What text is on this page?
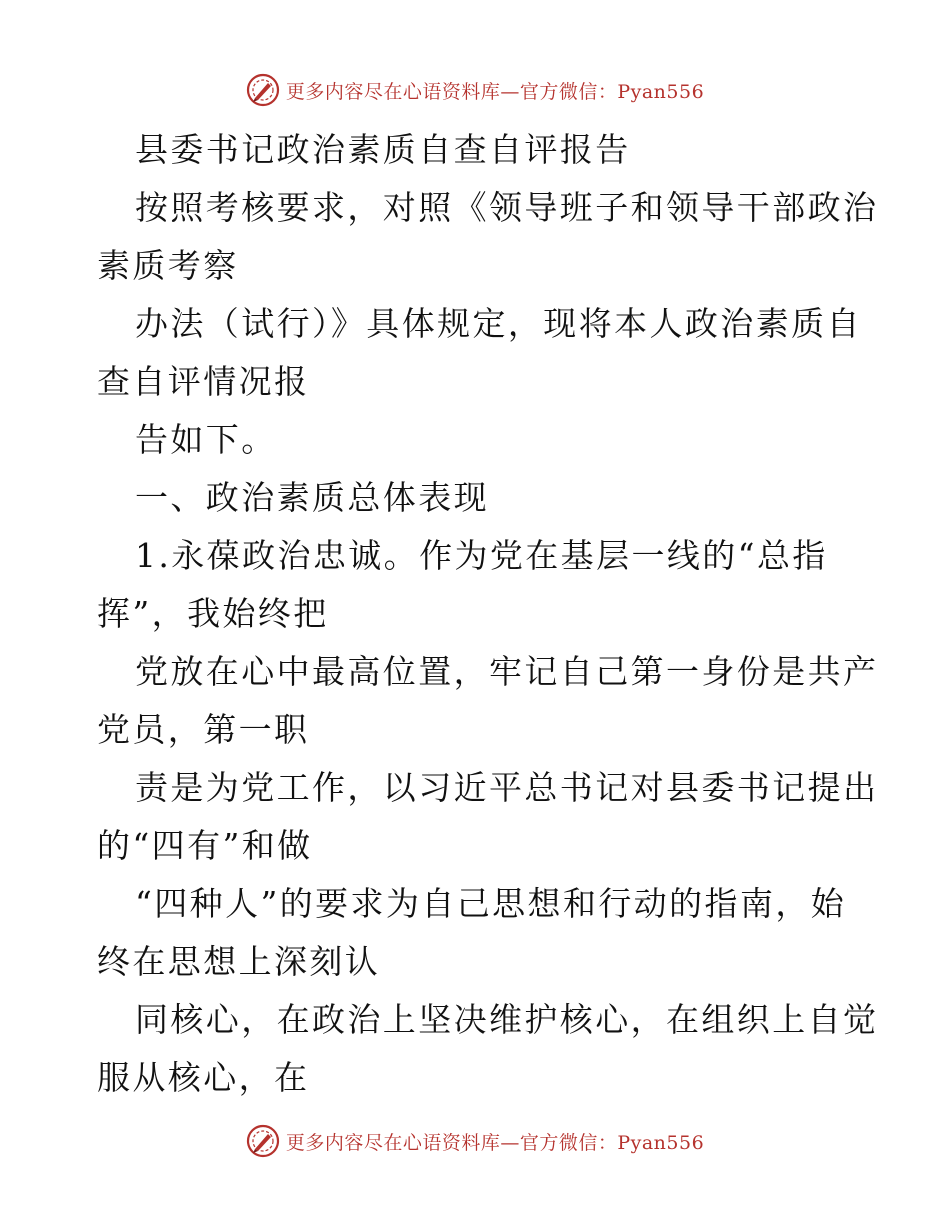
更多内容尽在心语资料库—官方微信：Pyan556

县委书记政治素质自查自评报告

按照考核要求，对照《领导班子和领导干部政治

素质考察

办法（试行）》具体规定，现将本人政治素质自

查自评情况报

告如下。

一、政治素质总体表现

1.永葆政治忠诚。作为党在基层一线的“总指

挥”，我始终把

党放在心中最高位置，牢记自己第一身份是共产

党员，第一职

责是为党工作，以习近平总书记对县委书记提出

的“四有”和做

“四种人”的要求为自己思想和行动的指南，始

终在思想上深刻认

同核心，在政治上坚决维护核心，在组织上自觉

服从核心，在

更多内容尽在心语资料库—官方微信：Pyan556
